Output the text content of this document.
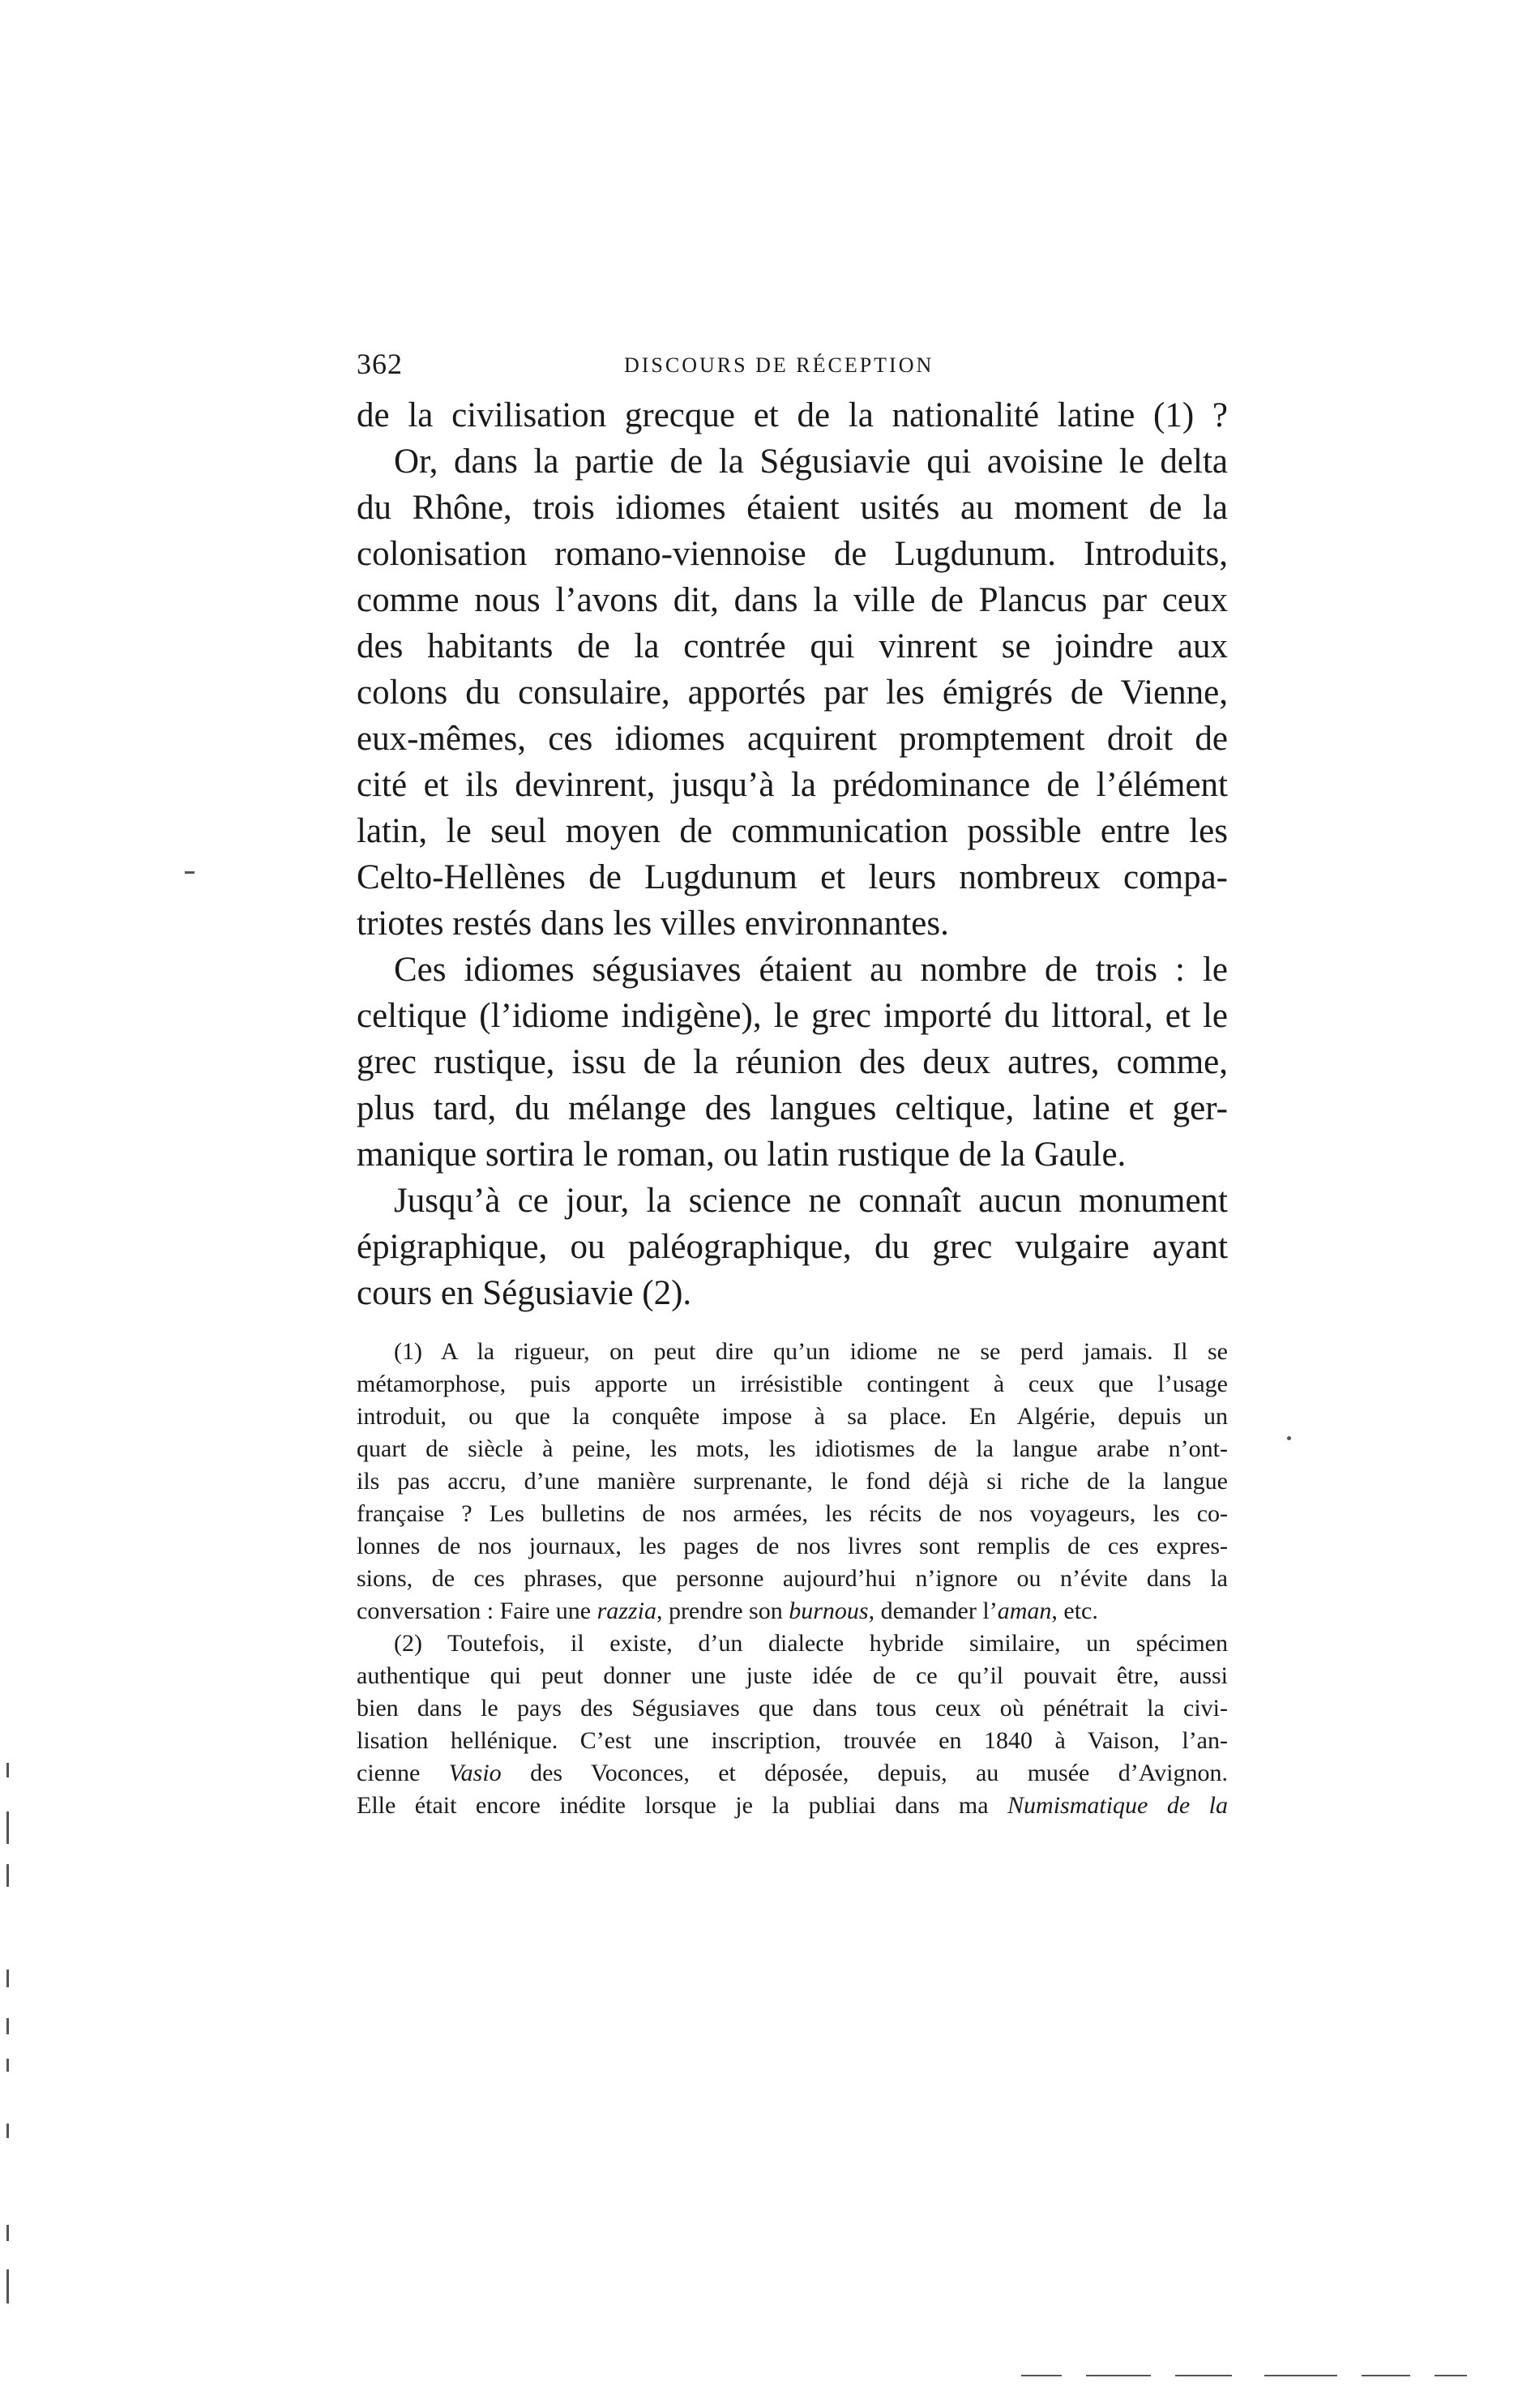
362	DISCOURS DE RÉCEPTION
de la civilisation grecque et de la nationalité latine (1) ?
Or, dans la partie de la Ségusiavie qui avoisine le delta
du Rhône, trois idiomes étaient usités au moment de la
colonisation romano-viennoise de Lugdunum. Introduits,
comme nous l’avons dit, dans la ville de Plancus par ceux
des habitants de la contrée qui vinrent se joindre aux
colons du consulaire, apportés par les émigrés de Vienne,
eux-mêmes, ces idiomes acquirent promptement droit de
cité et ils devinrent, jusqu’à la prédominance de l’élément
latin, le seul moyen de communication possible entre les
Celto-Hellènes de Lugdunum et leurs nombreux compa-
triotes restés dans les villes environnantes.
Ces idiomes ségusiaves étaient au nombre de trois : le
celtique (l’idiome indigène), le grec importé du littoral, et le
grec rustique, issu de la réunion des deux autres, comme,
plus tard, du mélange des langues celtique, latine et ger-
manique sortira le roman, ou latin rustique de la Gaule.
Jusqu’à ce jour, la science ne connaît aucun monument
épigraphique, ou paléographique, du grec vulgaire ayant
cours en Ségusiavie (2).
(1) A la rigueur, on peut dire qu’un idiome ne se perd jamais. Il se
métamorphose, puis apporte un irrésistible contingent à ceux que l’usage
introduit, ou que la conquête impose à sa place. En Algérie, depuis un
quart de siècle à peine, les mots, les idiotismes de la langue arabe n’ont-
ils pas accru, d’une manière surprenante, le fond déjà si riche de la langue
française ? Les bulletins de nos armées, les récits de nos voyageurs, les co-
lonnes de nos journaux, les pages de nos livres sont remplis de ces expres-
sions, de ces phrases, que personne aujourd’hui n’ignore ou n’évite dans la
conversation : Faire une razzia, prendre son burnous, demander l’aman, etc.
(2) Toutefois, il existe, d’un dialecte hybride similaire, un spécimen
authentique qui peut donner une juste idée de ce qu’il pouvait être, aussi
bien dans le pays des Ségusiaves que dans tous ceux où pénétrait la civi-
lisation hellénique. C’est une inscription, trouvée en 1840 à Vaison, l’an-
cienne Vasio des Voconces, et déposée, depuis, au musée d’Avignon.
Elle était encore inédite lorsque je la publiai dans ma Numismatique de la
